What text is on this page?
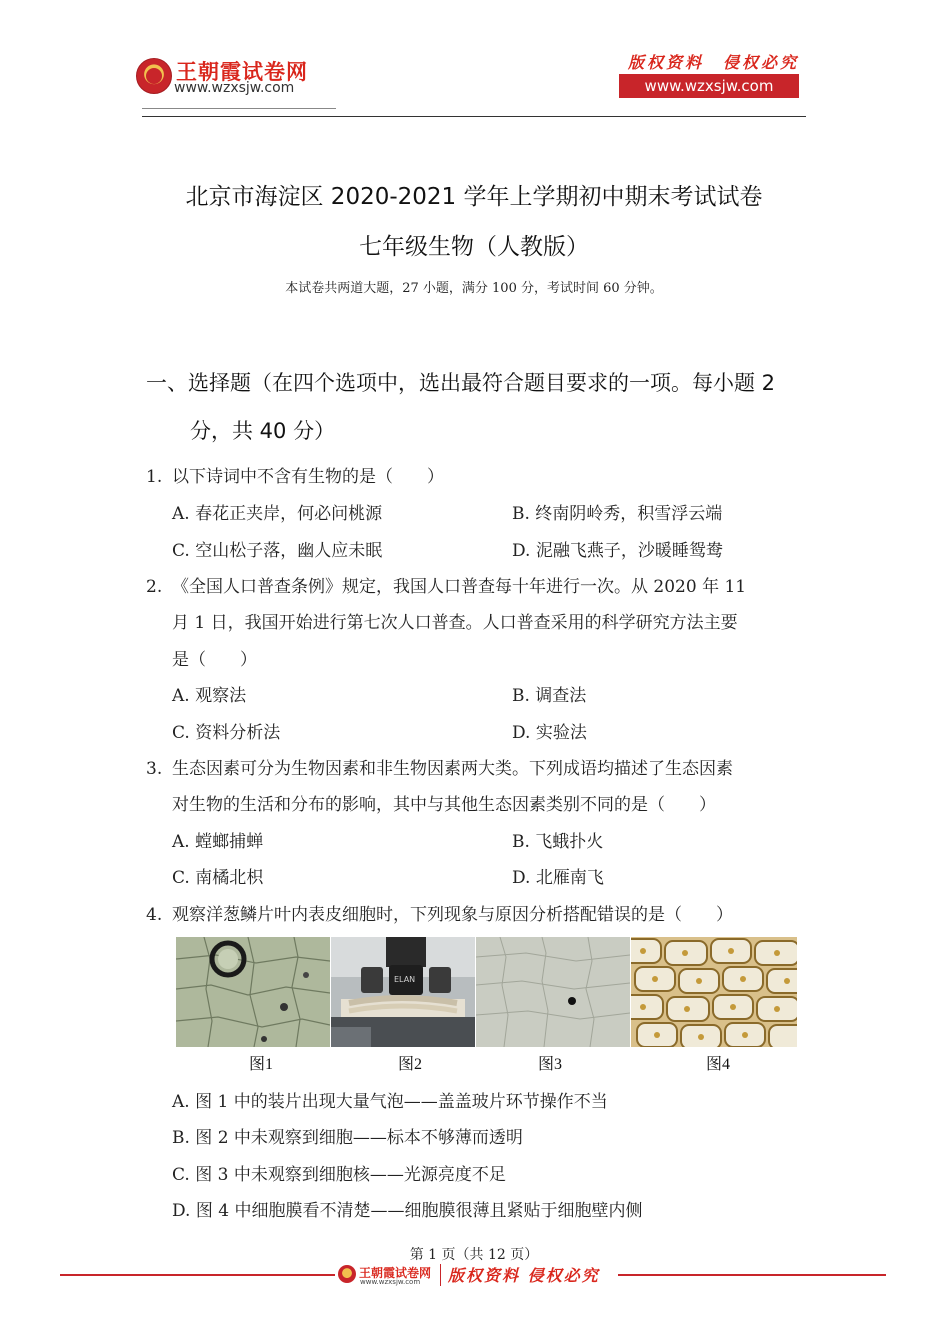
王朝霞试卷网
www.wzxsjw.com
版权资料　侵权必究
www.wzxsjw.com
北京市海淀区 2020-2021 学年上学期初中期末考试试卷
七年级生物（人教版）
本试卷共两道大题，27 小题，满分 100 分，考试时间 60 分钟。
一、选择题（在四个选项中，选出最符合题目要求的一项。每小题 2
分，共 40 分）
1. 以下诗词中不含有生物的是（　　）
A. 春花正夹岸，何必问桃源	B. 终南阴岭秀，积雪浮云端
C. 空山松子落，幽人应未眠	D. 泥融飞燕子，沙暖睡鸳鸯
2. 《全国人口普查条例》规定，我国人口普查每十年进行一次。从 2020 年 11
月 1 日，我国开始进行第七次人口普查。人口普查采用的科学研究方法主要
是（　　）
A. 观察法	B. 调查法
C. 资料分析法	D. 实验法
3. 生态因素可分为生物因素和非生物因素两大类。下列成语均描述了生态因素
对生物的生活和分布的影响，其中与其他生态因素类别不同的是（　　）
A. 螳螂捕蝉	B. 飞蛾扑火
C. 南橘北枳	D. 北雁南飞
4. 观察洋葱鳞片叶内表皮细胞时，下列现象与原因分析搭配错误的是（　　）
ELAN
图1	图2	图3	图4
A. 图 1 中的装片出现大量气泡——盖盖玻片环节操作不当
B. 图 2 中未观察到细胞——标本不够薄而透明
C. 图 3 中未观察到细胞核——光源亮度不足
D. 图 4 中细胞膜看不清楚——细胞膜很薄且紧贴于细胞壁内侧
第 1 页（共 12 页）
王朝霞试卷网
www.wzxsjw.com 版权资料 侵权必究
